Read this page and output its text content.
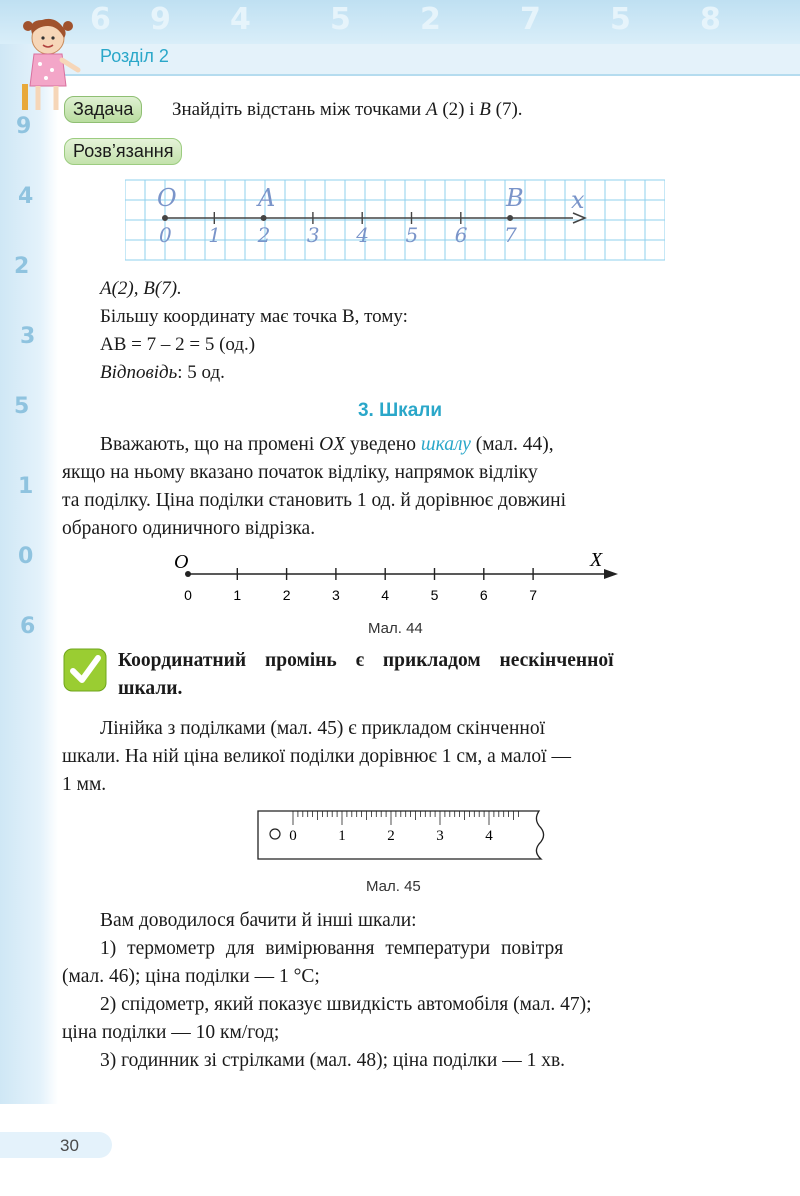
6 9 4	5 2	7 5 8
9
4
2
3
5
1
0
6
Розділ 2
Задача	Знайдіть відстань між точками A (2) і B (7).
Розв’язання
O	A	B x
0 1 2 3 4 5 6 7
A(2), B(7).
Більшу координату має точка B, тому:
AB = 7 – 2 = 5 (од.)
Відповідь: 5 од.
3. Шкали
Вважають, що на промені OX уведено шкалу (мал. 44),
якщо на ньому вказано початок відліку, напрямок відліку
та поділку. Ціна поділки становить 1 од. й дорівнює довжині
обраного одиничного відрізка.
O	X
0	1	2	3	4	5	6	7
Мал. 44
Координатний промінь є прикладом нескінченної
шкали.
Лінійка з поділками (мал. 45) є прикладом скінченної
шкали. На ній ціна великої поділки дорівнює 1 см, а малої —
1 мм.
0	1	2	3	4
Мал. 45
Вам доводилося бачити й інші шкали:
1) термометр для вимірювання температури повітря
(мал. 46); ціна поділки — 1 °С;
2) спідометр, який показує швидкість автомобіля (мал. 47);
ціна поділки — 10 км/год;
3) годинник зі стрілками (мал. 48); ціна поділки — 1 хв.
30
